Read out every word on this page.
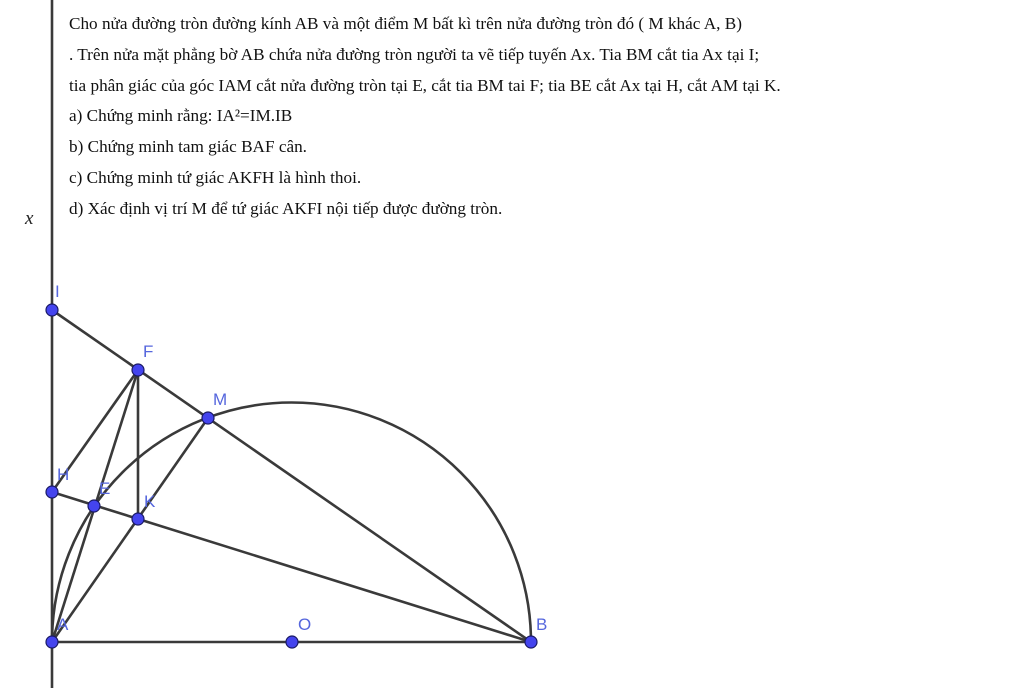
Cho nửa đường tròn đường kính AB và một điểm M bất kì trên nửa đường tròn đó ( M khác A, B)
. Trên nửa mặt phẳng bờ AB chứa nửa đường tròn người ta vẽ tiếp tuyến Ax. Tia BM cắt tia Ax tại I;
tia phân giác của góc IAM cắt nửa đường tròn tại E, cắt tia BM tai F; tia BE cắt Ax tại H, cắt AM tại K.
a) Chứng minh rằng: IA²=IM.IB
b) Chứng minh tam giác BAF cân.
c) Chứng minh tứ giác AKFH là hình thoi.
d) Xác định vị trí M để tứ giác AKFI nội tiếp được đường tròn.
x
I
F
M
H
E
K
A	O	B
